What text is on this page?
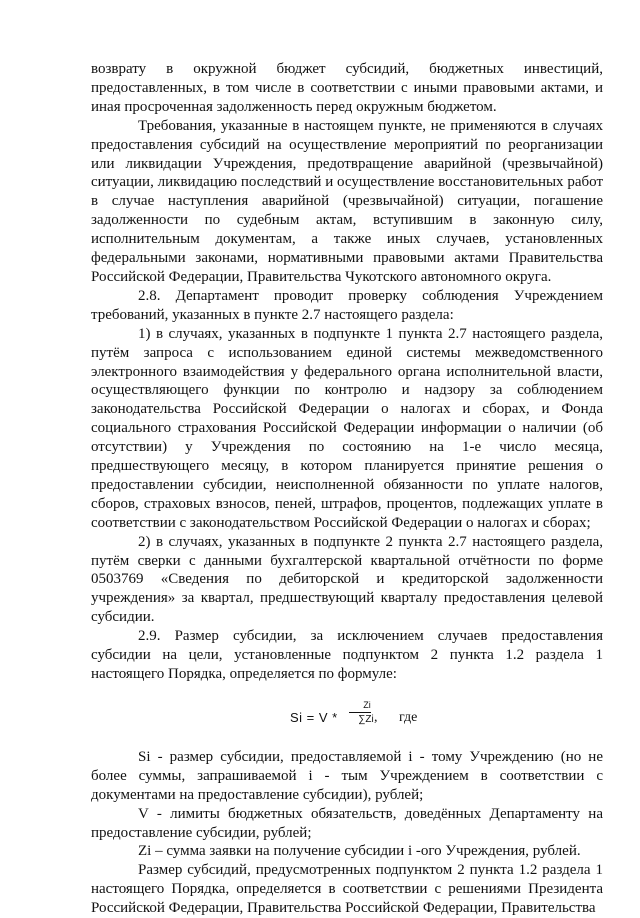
возврату в окружной бюджет субсидий, бюджетных инвестиций, предоставленных, в том числе в соответствии с иными правовыми актами, и иная просроченная задолженность перед окружным бюджетом.

Требования, указанные в настоящем пункте, не применяются в случаях предоставления субсидий на осуществление мероприятий по реорганизации или ликвидации Учреждения, предотвращение аварийной (чрезвычайной) ситуации, ликвидацию последствий и осуществление восстановительных работ в случае наступления аварийной (чрезвычайной) ситуации, погашение задолженности по судебным актам, вступившим в законную силу, исполнительным документам, а также иных случаев, установленных федеральными законами, нормативными правовыми актами Правительства Российской Федерации, Правительства Чукотского автономного округа.

2.8. Департамент проводит проверку соблюдения Учреждением требований, указанных в пункте 2.7 настоящего раздела:

1) в случаях, указанных в подпункте 1 пункта 2.7 настоящего раздела, путём запроса с использованием единой системы межведомственного электронного взаимодействия у федерального органа исполнительной власти, осуществляющего функции по контролю и надзору за соблюдением законодательства Российской Федерации о налогах и сборах, и Фонда социального страхования Российской Федерации информации о наличии (об отсутствии) у Учреждения по состоянию на 1-е число месяца, предшествующего месяцу, в котором планируется принятие решения о предоставлении субсидии, неисполненной обязанности по уплате налогов, сборов, страховых взносов, пеней, штрафов, процентов, подлежащих уплате в соответствии с законодательством Российской Федерации о налогах и сборах;

2) в случаях, указанных в подпункте 2 пункта 2.7 настоящего раздела, путём сверки с данными бухгалтерской квартальной отчётности по форме 0503769 «Сведения по дебиторской и кредиторской задолженности учреждения» за квартал, предшествующий кварталу предоставления целевой субсидии.

2.9. Размер субсидии, за исключением случаев предоставления субсидии на цели, установленные подпунктом 2 пункта 1.2 раздела 1 настоящего Порядка, определяется по формуле:

Si = V *
Zi
∑Zi , где

Si - размер субсидии, предоставляемой i - тому Учреждению (но не более суммы, запрашиваемой i - тым Учреждением в соответствии с документами на предоставление субсидии), рублей;

V - лимиты бюджетных обязательств, доведённых Департаменту на предоставление субсидии, рублей;

Zi – сумма заявки на получение субсидии i -ого Учреждения, рублей.

Размер субсидий, предусмотренных подпунктом 2 пункта 1.2 раздела 1 настоящего Порядка, определяется в соответствии с решениями Президента Российской Федерации, Правительства Российской Федерации, Правительства
